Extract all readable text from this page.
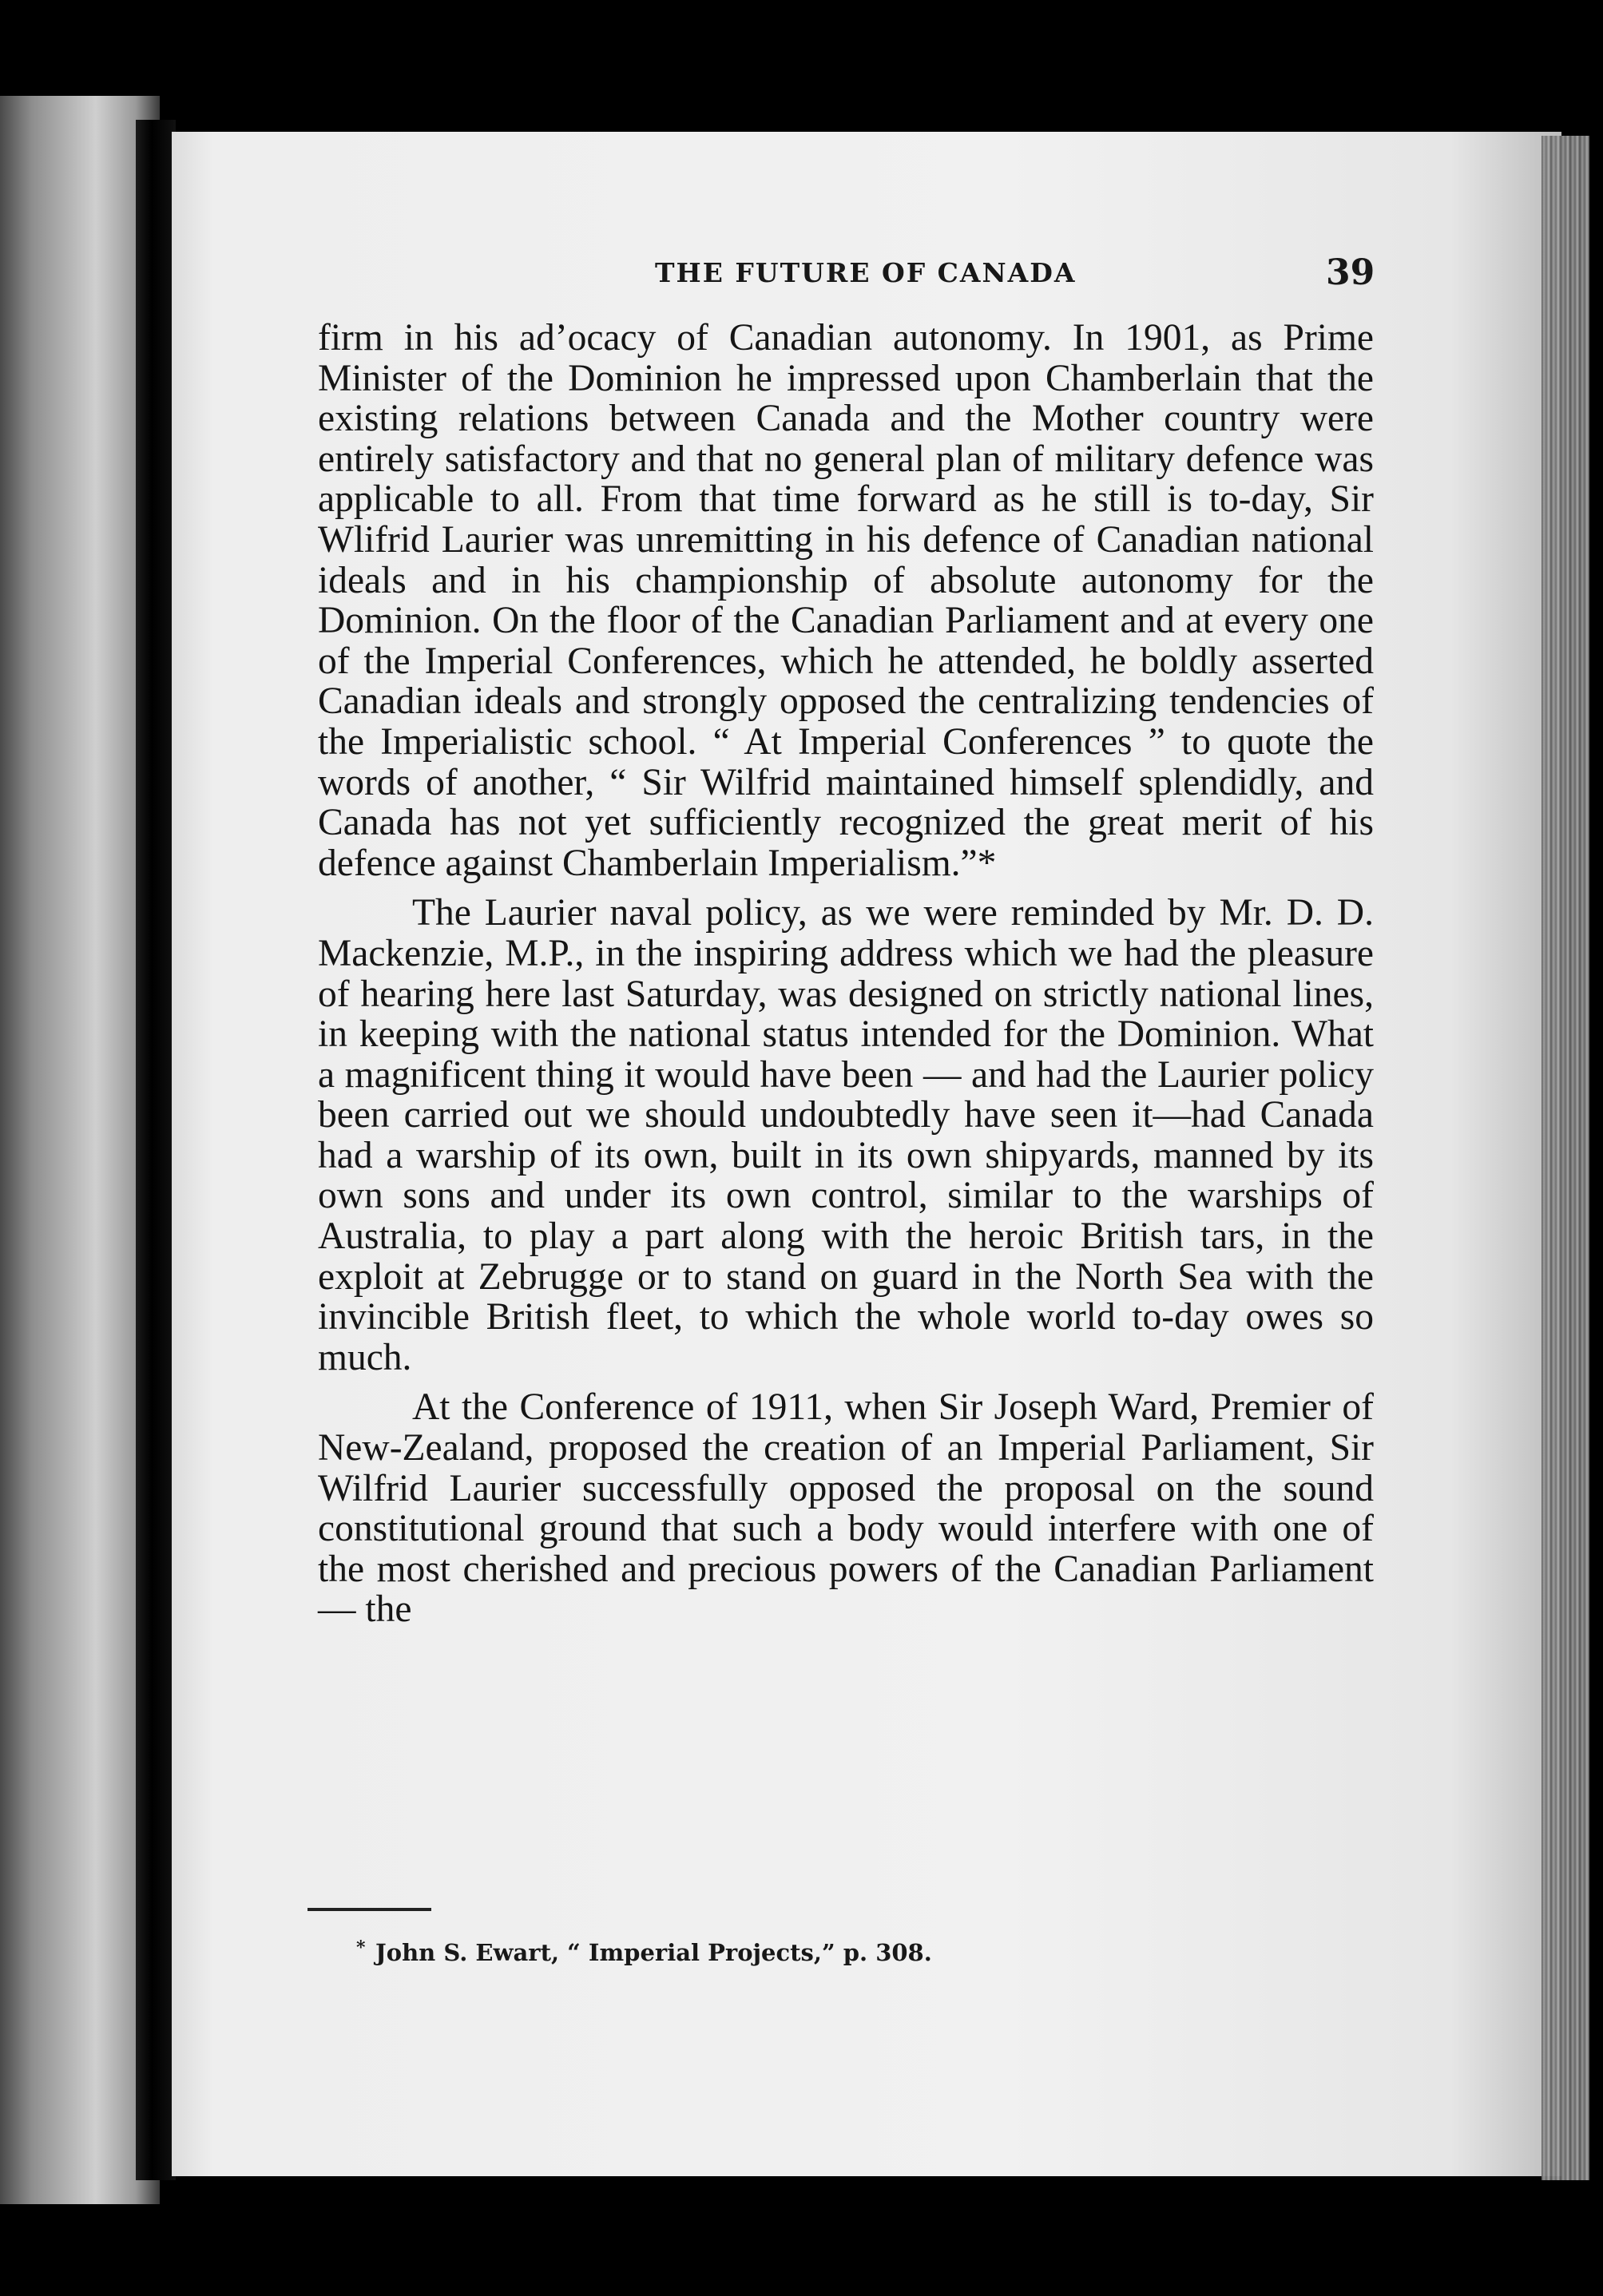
THE FUTURE OF CANADA	39

firm in his ad’ocacy of Canadian autonomy. In 1901, as Prime Minister of the Dominion he impressed upon Chamberlain that the existing relations between Canada and the Mother country were entirely satisfactory and that no general plan of military defence was applicable to all. From that time forward as he still is to-day, Sir Wlifrid Laurier was unremitting in his defence of Canadian national ideals and in his championship of absolute autonomy for the Dominion. On the floor of the Canadian Parliament and at every one of the Imperial Conferences, which he attended, he boldly asserted Canadian ideals and strongly opposed the centralizing tendencies of the Imperialistic school. “ At Imperial Conferences ” to quote the words of another, “ Sir Wilfrid maintained himself splendidly, and Canada has not yet sufficiently recognized the great merit of his defence against Chamberlain Imperialism.”*

The Laurier naval policy, as we were reminded by Mr. D. D. Mackenzie, M.P., in the inspiring address which we had the pleasure of hearing here last Saturday, was designed on strictly national lines, in keeping with the national status intended for the Dominion. What a magnificent thing it would have been — and had the Laurier policy been carried out we should undoubtedly have seen it—had Canada had a warship of its own, built in its own shipyards, manned by its own sons and under its own control, similar to the warships of Australia, to play a part along with the heroic British tars, in the exploit at Zebrugge or to stand on guard in the North Sea with the invincible British fleet, to which the whole world to-day owes so much.

At the Conference of 1911, when Sir Joseph Ward, Premier of New-Zealand, proposed the creation of an Imperial Parliament, Sir Wilfrid Laurier successfully opposed the proposal on the sound constitutional ground that such a body would interfere with one of the most cherished and precious powers of the Canadian Parliament — the

* John S. Ewart, “ Imperial Projects,” p. 308.
